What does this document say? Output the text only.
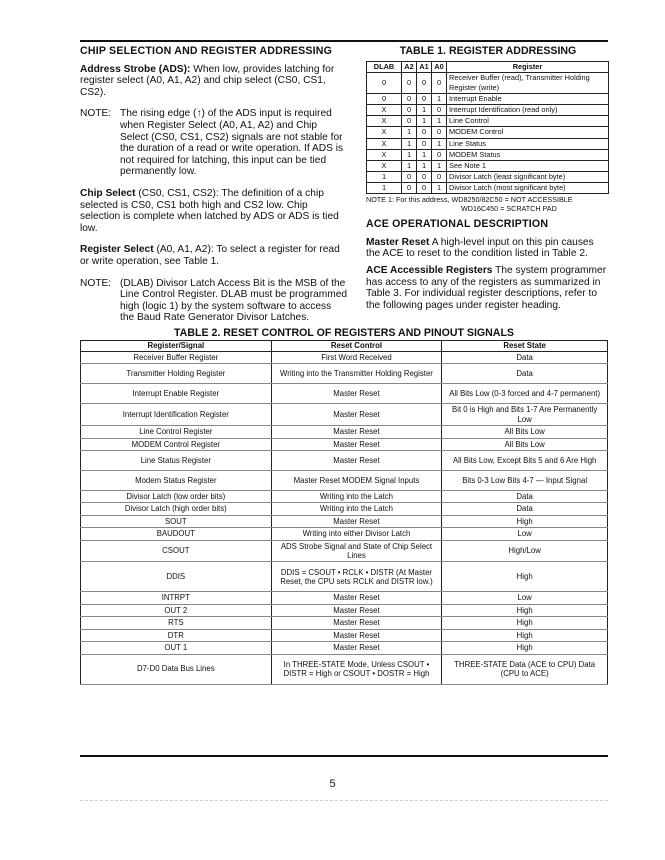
CHIP SELECTION AND REGISTER ADDRESSING

Address Strobe (ADS): When low, provides latching for register select (A0, A1, A2) and chip select (CS0, CS1, CS2).

NOTE: The rising edge (↑) of the ADS input is required when Register Select (A0, A1, A2) and Chip Select (CS0, CS1, CS2) signals are not stable for the duration of a read or write operation. If ADS is not required for latching, this input can be tied permanently low.

Chip Select (CS0, CS1, CS2): The definition of a chip selected is CS0, CS1 both high and CS2 low. Chip selection is complete when latched by ADS or ADS is tied low.

Register Select (A0, A1, A2): To select a register for read or write operation, see Table 1.

NOTE: (DLAB) Divisor Latch Access Bit is the MSB of the Line Control Register. DLAB must be programmed high (logic 1) by the system software to access the Baud Rate Generator Divisor Latches.
TABLE 1. REGISTER ADDRESSING
DLAB	A2	A1	A0	Register
0	0	0	0	Receiver Buffer (read), Transmitter Holding Register (write)
0	0	0	1	Interrupt Enable
X	0	1	0	Interrupt Identification (read only)
X	0	1	1	Line Control
X	1	0	0	MODEM Control
X	1	0	1	Line Status
X	1	1	0	MODEM Status
X	1	1	1	See Note 1
1	0	0	0	Divisor Latch (least significant byte)
1	0	0	1	Divisor Latch (most significant byte)
NOTE 1: For this address, WD8250/82C50 = NOT ACCESSIBLE
WD16C450 = SCRATCH PAD

ACE OPERATIONAL DESCRIPTION

Master Reset A high-level input on this pin causes the ACE to reset to the condition listed in Table 2.

ACE Accessible Registers The system programmer has access to any of the registers as summarized in Table 3. For individual register descriptions, refer to the following pages under register heading.

TABLE 2. RESET CONTROL OF REGISTERS AND PINOUT SIGNALS
Register/Signal	Reset Control	Reset State
Receiver Buffer Register	First Word Received	Data
Transmitter Holding Register	Writing into the Transmitter Holding Register	Data
Interrupt Enable Register	Master Reset	All Bits Low (0-3 forced and 4-7 permanent)
Interrupt Identification Register	Master Reset	Bit 0 is High and Bits 1-7 Are Permanently Low
Line Control Register	Master Reset	All Bits Low
MODEM Control Register	Master Reset	All Bits Low
Line Status Register	Master Reset	All Bits Low, Except Bits 5 and 6 Are High
Modem Status Register	Master Reset MODEM Signal Inputs	Bits 0-3 Low Bits 4-7 — Input Signal
Divisor Latch (low order bits)	Writing into the Latch	Data
Divisor Latch (high order bits)	Writing into the Latch	Data
SOUT	Master Reset	High
BAUDOUT	Writing into either Divisor Latch	Low
CSOUT	ADS Strobe Signal and State of Chip Select Lines	High/Low
DDIS	DDIS = CSOUT • RCLK • DISTR (At Master Reset, the CPU sets RCLK and DISTR low.)	High
INTRPT	Master Reset	Low
OUT 2	Master Reset	High
RTS	Master Reset	High
DTR	Master Reset	High
OUT 1	Master Reset	High
D7-D0 Data Bus Lines	In THREE-STATE Mode, Unless CSOUT • DISTR = High or CSOUT • DOSTR = High	THREE-STATE Data (ACE to CPU) Data (CPU to ACE)
5
